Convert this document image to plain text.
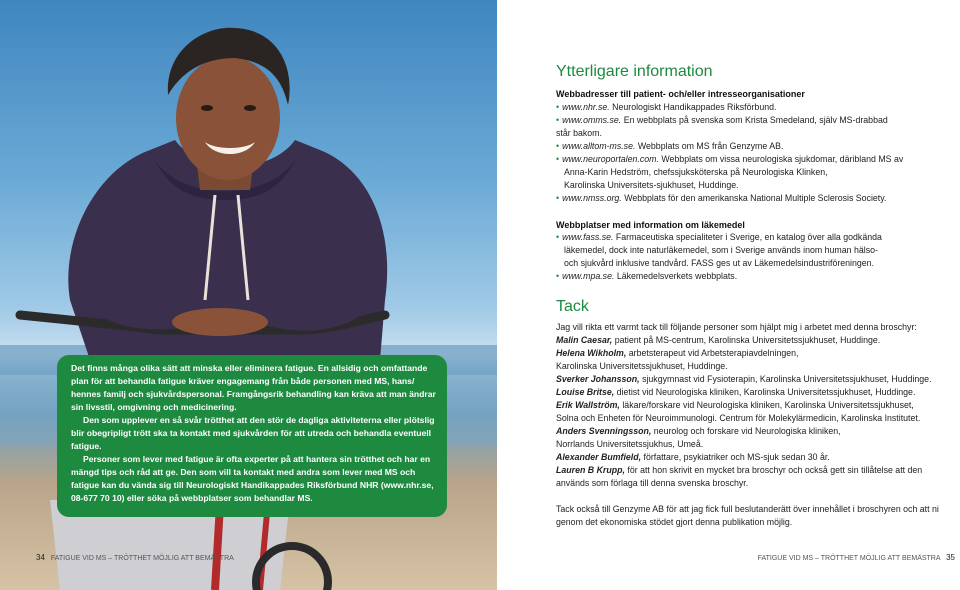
Det finns många olika sätt att minska eller eliminera fatigue. En allsidig och omfattande plan för att behandla fatigue kräver engagemang från både personen med MS, hans/ hennes familj och sjukvårdspersonal. Framgångsrik behandling kan kräva att man ändrar sin livsstil, omgivning och medicinering.

Den som upplever en så svår trötthet att den stör de dagliga aktiviteterna eller plötslig blir obegripligt trött ska ta kontakt med sjukvården för att utreda och behandla eventuell fatigue.

Personer som lever med fatigue är ofta experter på att hantera sin trötthet och har en mängd tips och råd att ge. Den som vill ta kontakt med andra som lever med MS och fatigue kan du vända sig till Neurologiskt Handikappades Riksförbund NHR (www.nhr.se, 08-677 70 10) eller söka på webbplatser som behandlar MS.

34 FATIGUE VID MS – TRÖTTHET MÖJLIG ATT BEMÄSTRA
Ytterligare information

Webbadresser till patient- och/eller intresseorganisationer

• www.nhr.se. Neurologiskt Handikappades Riksförbund.

• www.omms.se. En webbplats på svenska som Krista Smedeland, själv MS-drabbad

står bakom.

• www.alltom-ms.se. Webbplats om MS från Genzyme AB.

• www.neuroportalen.com. Webbplats om vissa neurologiska sjukdomar, däribland MS av

Anna-Karin Hedström, chefssjuksköterska på Neurologiska Klinken,

Karolinska Universitets-sjukhuset, Huddinge.

• www.nmss.org. Webbplats för den amerikanska National Multiple Sclerosis Society.

Webbplatser med information om läkemedel

• www.fass.se. Farmaceutiska specialiteter i Sverige, en katalog över alla godkända

läkemedel, dock inte naturläkemedel, som i Sverige används inom human hälso-

och sjukvård inklusive tandvård. FASS ges ut av Läkemedelsindustriföreningen.

• www.mpa.se. Läkemedelsverkets webbplats.

Tack

Jag vill rikta ett varmt tack till följande personer som hjälpt mig i arbetet med denna broschyr:

Malin Caesar, patient på MS-centrum, Karolinska Universitetssjukhuset, Huddinge.

Helena Wikholm, arbetsterapeut vid Arbetsterapiavdelningen,

Karolinska Universitetssjukhuset, Huddinge.

Sverker Johansson, sjukgymnast vid Fysioterapin, Karolinska Universitetssjukhuset, Huddinge.

Louise Britse, dietist vid Neurologiska kliniken, Karolinska Universitetssjukhuset, Huddinge.

Erik Wallström, läkare/forskare vid Neurologiska kliniken, Karolinska Universitetssjukhuset,

Solna och Enheten för Neuroimmunologi. Centrum för Molekylärmedicin, Karolinska Institutet.

Anders Svenningsson, neurolog och forskare vid Neurologiska kliniken,

Norrlands Universitetssjukhus, Umeå.

Alexander Bumfield, författare, psykiatriker och MS-sjuk sedan 30 år.

Lauren B Krupp, för att hon skrivit en mycket bra broschyr och också gett sin tillåtelse att den

används som förlaga till denna svenska broschyr.

Tack också till Genzyme AB för att jag fick full beslutanderätt över innehållet i broschyren och att ni genom det ekonomiska stödet gjort denna publikation möjlig.

FATIGUE VID MS – TRÖTTHET MÖJLIG ATT BEMÄSTRA 35
